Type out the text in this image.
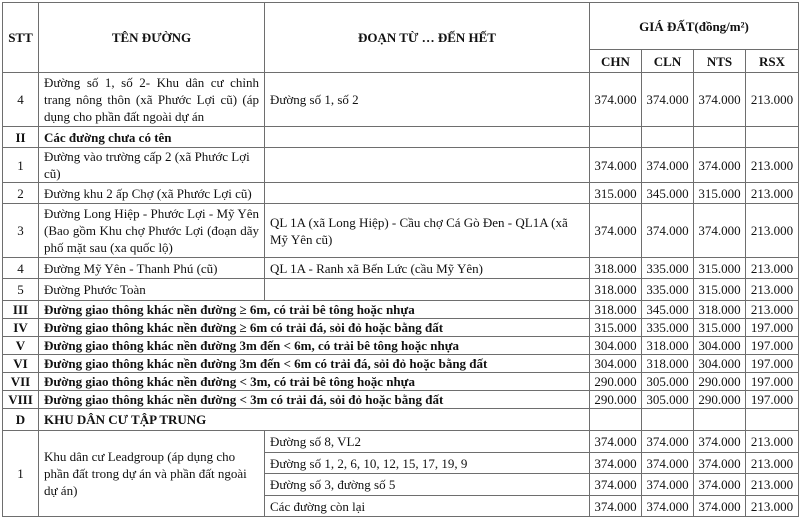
STT	TÊN ĐƯỜNG	ĐOẠN TỪ … ĐẾN HẾT	GIÁ ĐẤT(đồng/m²)			
			CHN	CLN	NTS	RSX
4	Đường số 1, số 2- Khu dân cư chỉnh trang nông thôn (xã Phước Lợi cũ) (áp dụng cho phần đất ngoài dự án	Đường số 1, số 2	374.000	374.000	374.000	213.000
II	Các đường chưa có tên					
1	Đường vào trường cấp 2 (xã Phước Lợi cũ)		374.000	374.000	374.000	213.000
2	Đường khu 2 ấp Chợ (xã Phước Lợi cũ)		315.000	345.000	315.000	213.000
3	Đường Long Hiệp - Phước Lợi - Mỹ Yên (Bao gồm Khu chợ Phước Lợi (đoạn dãy phố mặt sau (xa quốc lộ)	QL 1A (xã Long Hiệp) - Cầu chợ Cá Gò Đen - QL1A (xã Mỹ Yên cũ)	374.000	374.000	374.000	213.000
4	Đường Mỹ Yên - Thanh Phú (cũ)	QL 1A - Ranh xã Bến Lức (cầu Mỹ Yên)	318.000	335.000	315.000	213.000
5	Đường Phước Toàn		318.000	335.000	315.000	213.000
III	Đường giao thông khác nền đường ≥ 6m, có trải bê tông hoặc nhựa		318.000	345.000	318.000	213.000
IV	Đường giao thông khác nền đường ≥ 6m có trải đá, sỏi đỏ hoặc bằng đất		315.000	335.000	315.000	197.000
V	Đường giao thông khác nền đường 3m đến < 6m, có trải bê tông hoặc nhựa		304.000	318.000	304.000	197.000
VI	Đường giao thông khác nền đường 3m đến < 6m có trải đá, sỏi đỏ hoặc bằng đất		304.000	318.000	304.000	197.000
VII	Đường giao thông khác nền đường < 3m, có trải bê tông hoặc nhựa		290.000	305.000	290.000	197.000
VIII	Đường giao thông khác nền đường < 3m có trải đá, sỏi đỏ hoặc bằng đất		290.000	305.000	290.000	197.000
D	KHU DÂN CƯ TẬP TRUNG					
1	Khu dân cư Leadgroup (áp dụng cho phần đất trong dự án và phần đất ngoài dự án)	Đường số 8, VL2	374.000	374.000	374.000	213.000
		Đường số 1, 2, 6, 10, 12, 15, 17, 19, 9	374.000	374.000	374.000	213.000
		Đường số 3, đường số 5	374.000	374.000	374.000	213.000
		Các đường còn lại	374.000	374.000	374.000	213.000
